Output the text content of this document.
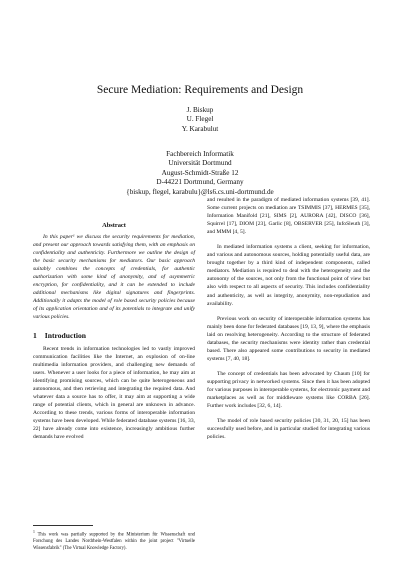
Secure Mediation: Requirements and Design
J. Biskup
U. Flegel
Y. Karabulut
Fachbereich Informatik
Universität Dortmund
August-Schmidt-Straße 12
D-44221 Dortmund, Germany
{biskup, flegel, karabulu}@ls6.cs.uni-dortmund.de
Abstract

In this paper¹ we discuss the security requirements for mediation, and present our approach towards satisfying them, with an emphasis on confidentiality and authenticity. Furthermore we outline the design of the basic security mechanisms for mediators. Our basic approach suitably combines the concepts of credentials, for authentic authorization with some kind of anonymity, and of asymmetric encryption, for confidentiality, and it can be extended to include additional mechanisms like digital signatures and fingerprints. Additionally it adapts the model of role based security policies because of its application orientation and of its potentials to integrate and unify various policies.

1 Introduction

Recent trends in information technologies led to vastly improved communication facilities like the Internet, an explosion of on-line multimedia information providers, and challenging new demands of users. Whenever a user looks for a piece of information, he may aim at identifying promising sources, which can be quite heterogeneous and autonomous, and then retrieving and integrating the required data. And whatever data a source has to offer, it may aim at supporting a wide range of potential clients, which in general are unknown in advance. According to these trends, various forms of interoperable information systems have been developed. While federated database systems [16, 33, 22] have already come into existence, increasingly ambitious further demands have evolved

and resulted in the paradigm of mediated information systems [39, 41]. Some current projects on mediation are TSIMMIS [37], HERMES [35], Information Manifold [21], SIMS [2], AURORA [42], DISCO [36], Squirrel [17], DIOM [23], Garlic [8], OBSERVER [25], InfoSleuth [3], and MMM [4, 5].

In mediated information systems a client, seeking for information, and various and autonomous sources, holding potentially useful data, are brought together by a third kind of independent components, called mediators. Mediation is required to deal with the heterogeneity and the autonomy of the sources, not only from the functional point of view but also with respect to all aspects of security. This includes confidentiality and authenticity, as well as integrity, anonymity, non-repudiation and availability.

Previous work on security of interoperable information systems has mainly been done for federated databases [19, 13, 9], where the emphasis laid on resolving heterogeneity. According to the structure of federated databases, the security mechanisms were identity rather than credential based. There also appeared some contributions to security in mediated systems [7, 40, 18].

The concept of credentials has been advocated by Chaum [10] for supporting privacy in networked systems. Since then it has been adopted for various purposes in interoperable systems, for electronic payment and marketplaces as well as for middleware systems like CORBA [26]. Further work includes [32, 6, 14].

The model of role based security policies [30, 31, 20, 15] has been successfully used before, and in particular studied for integrating various policies.

$^1$ This work was partially supported by the Ministerium für Wissenschaft und Forschung des Landes Nordrhein-Westfalen within the joint project "Virtuelle Wissensfabrik" (The Virtual Knowledge Factory).
